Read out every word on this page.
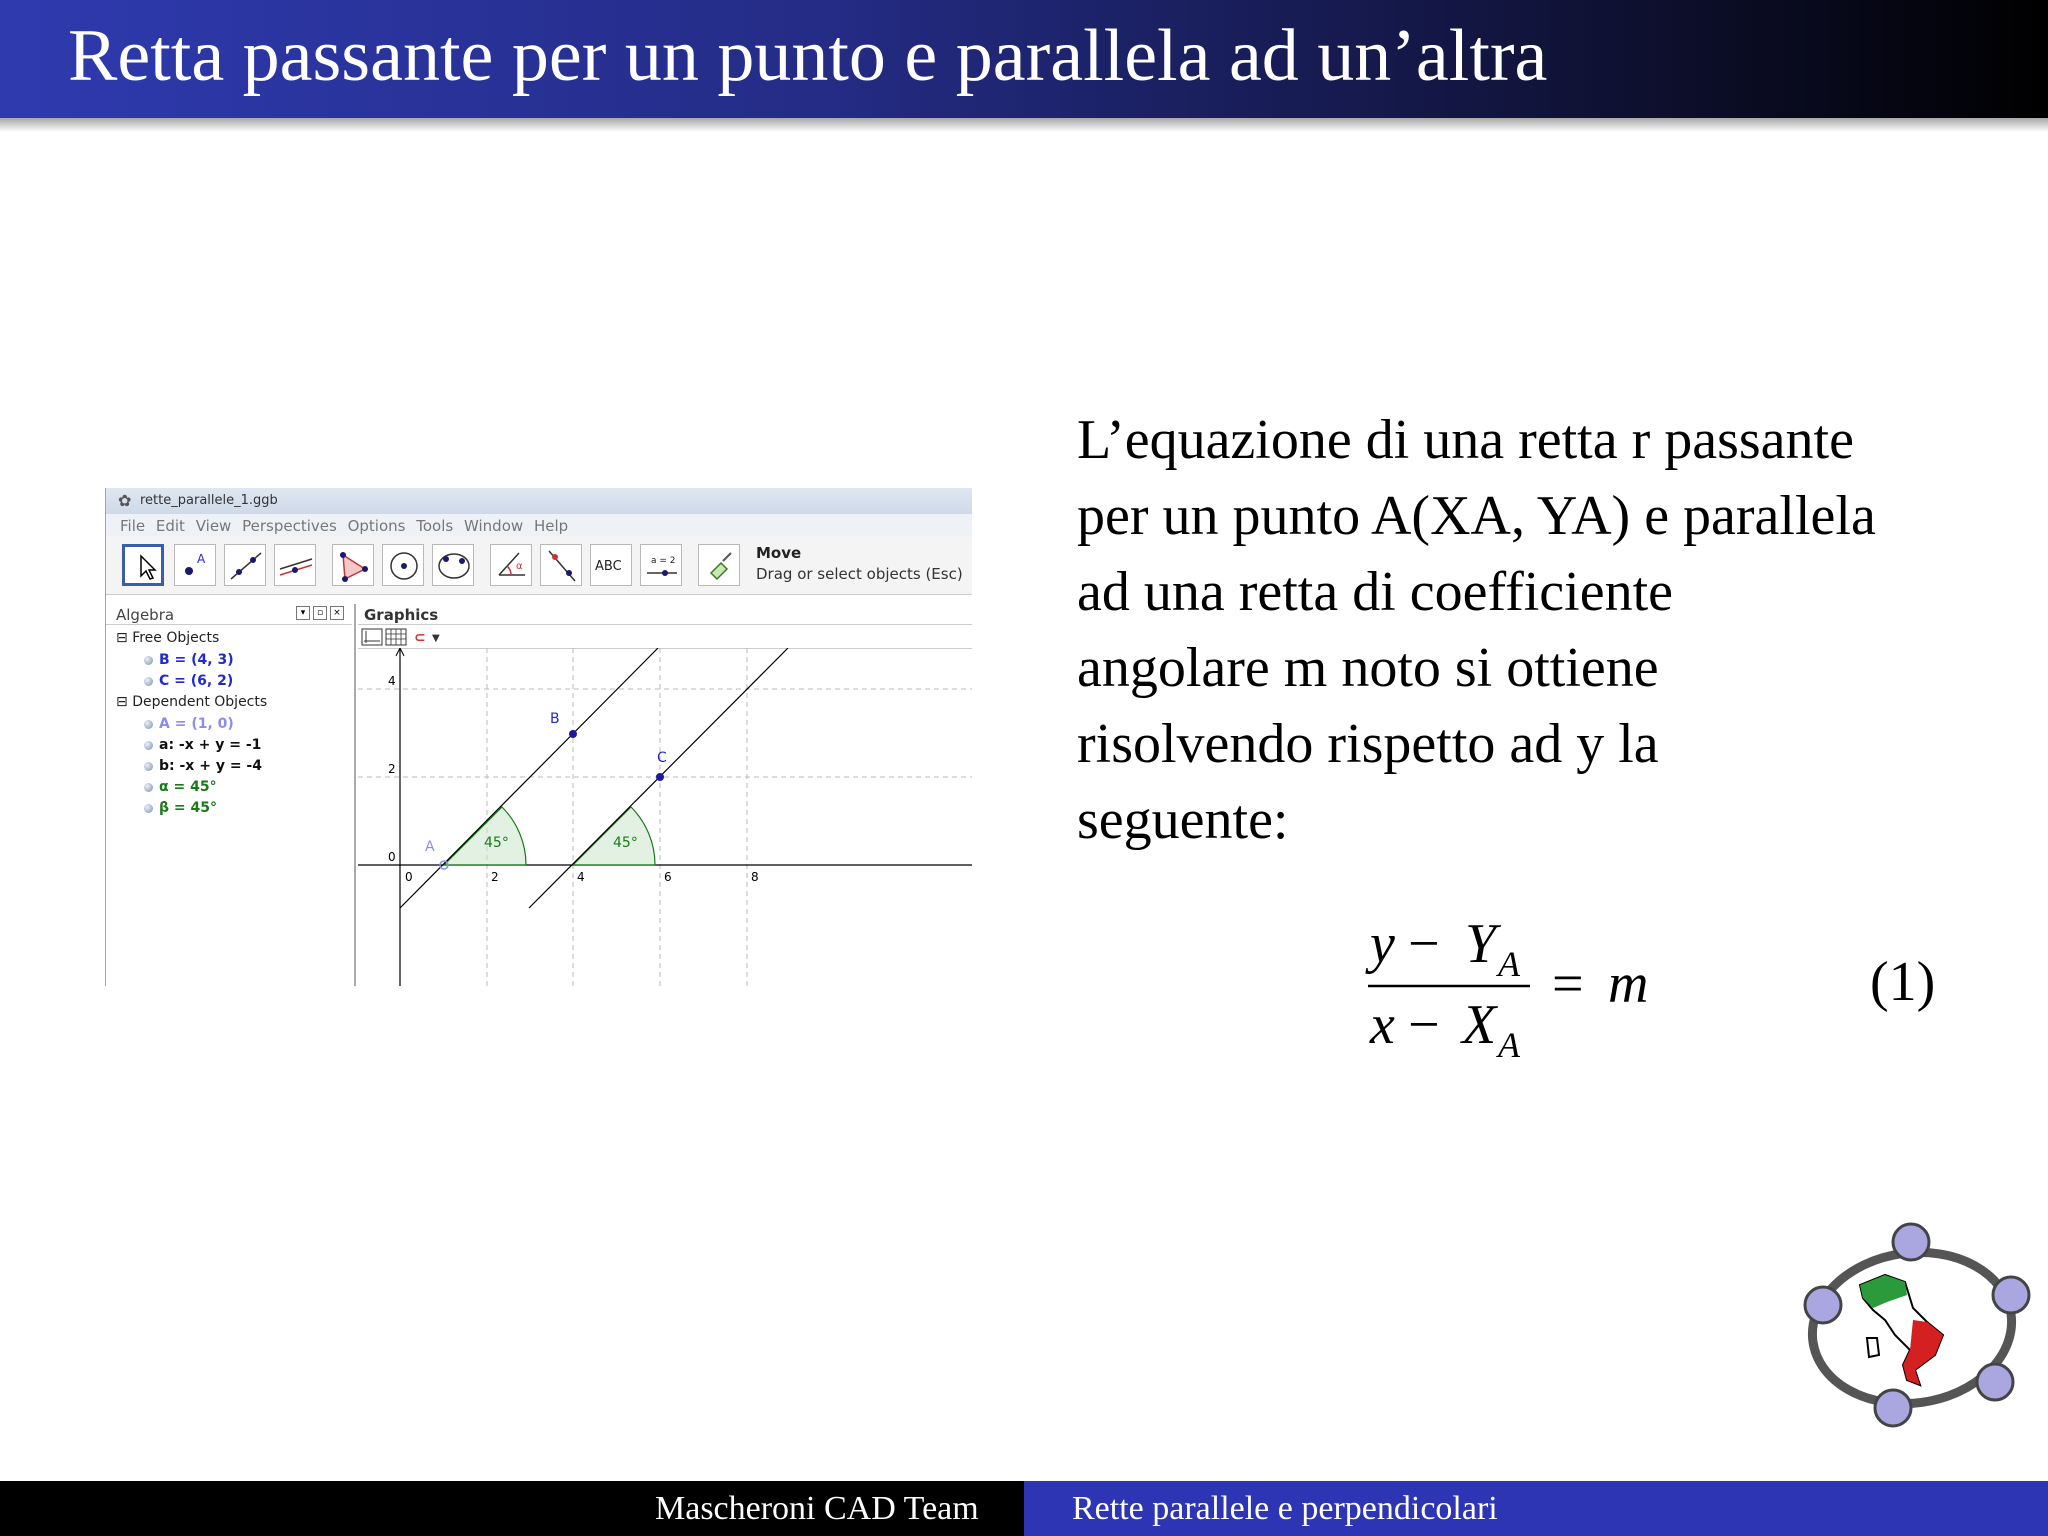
Retta passante per un punto e parallela ad un’altra
✿ rette_parallele_1.ggb
File Edit View Perspectives Options Tools Window Help
A
α	ABC	a = 2	Move
Drag or select objects (Esc)
Algebra	▾ ▫ ×
⊟ Free Objects
B = (4, 3)
C = (6, 2)
⊟ Dependent Objects
A = (1, 0)
a: -x + y = -1
b: -x + y = -4
α = 45°
β = 45°
Graphics
⊂ ▼
A
B
C
45°	45°
0	2	4	6	8
4
2
0
L’equazione di una retta r passante
per un punto A(XA, YA) e parallela
ad una retta di coefficiente
angolare m noto si ottiene
risolvendo rispetto ad y la
seguente:
y − Y A
x − X A
= m	(1)
Mascheroni CAD Team	Rette parallele e perpendicolari
